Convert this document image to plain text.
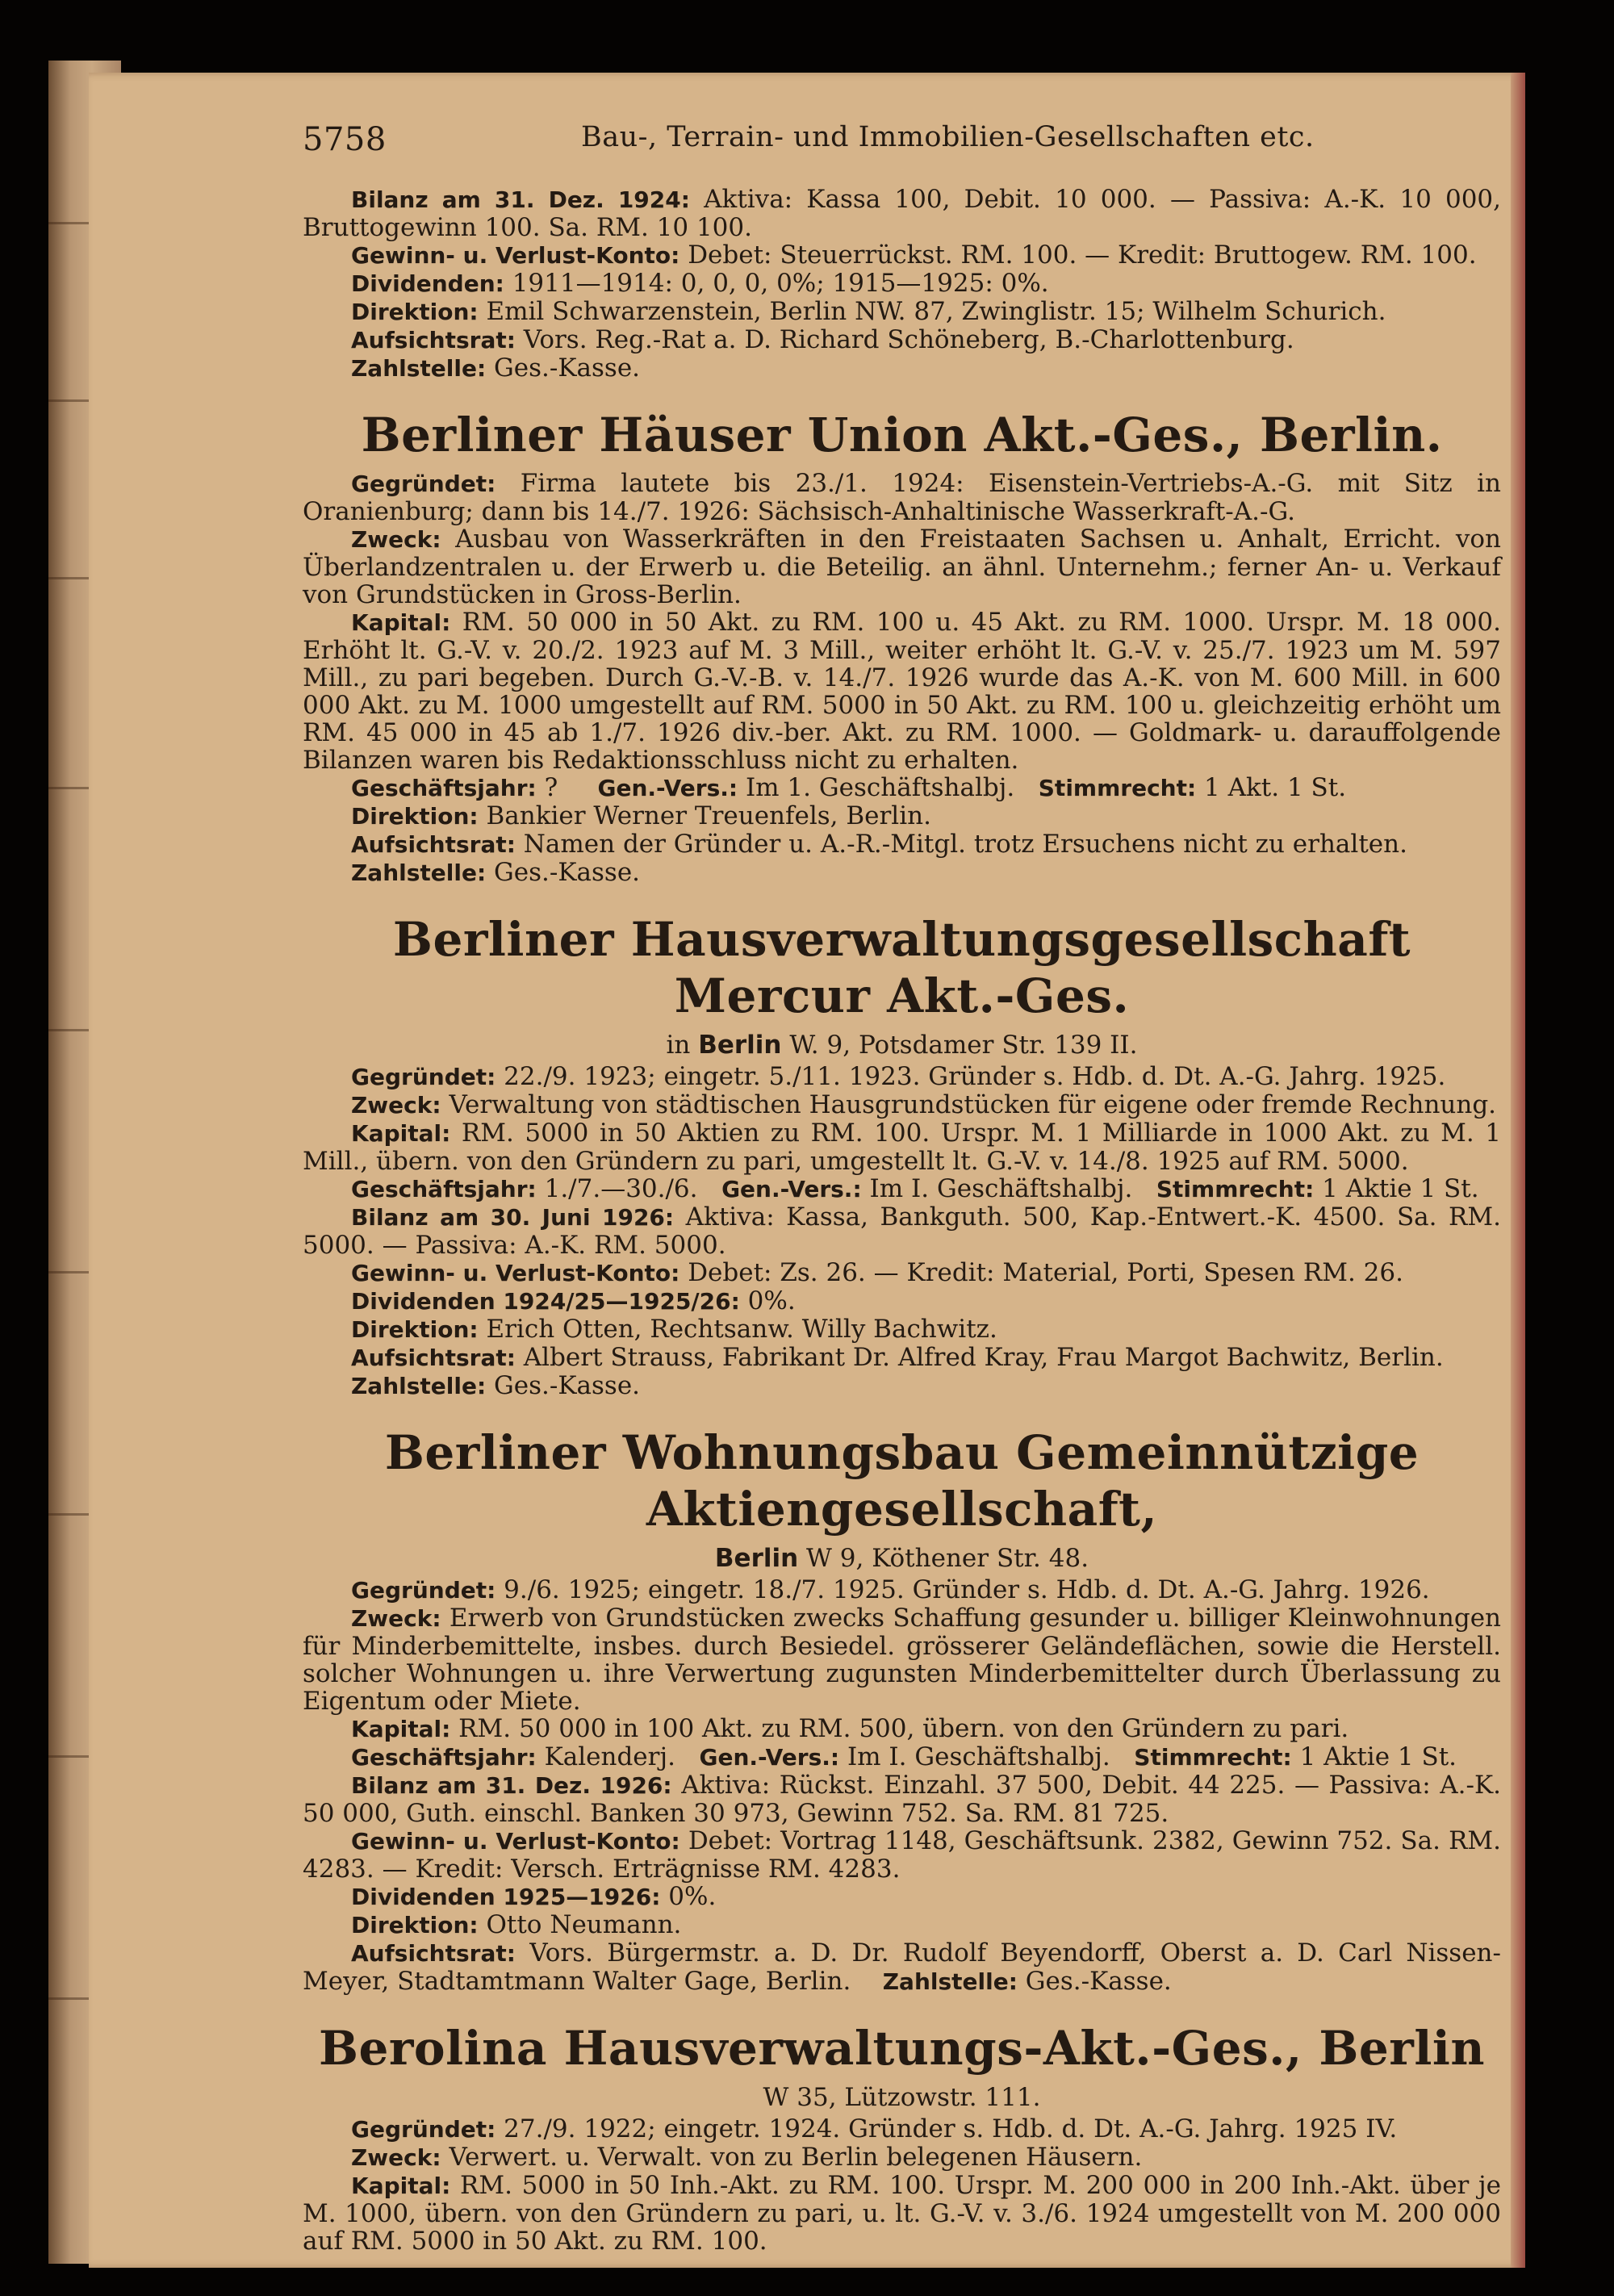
5758	Bau-, Terrain- und Immobilien-Gesellschaften etc.

Bilanz am 31. Dez. 1924: Aktiva: Kassa 100, Debit. 10 000. — Passiva: A.-K. 10 000, Bruttogewinn 100. Sa. RM. 10 100.

Gewinn- u. Verlust-Konto: Debet: Steuerrückst. RM. 100. — Kredit: Bruttogew. RM. 100.

Dividenden: 1911—1914: 0, 0, 0, 0%; 1915—1925: 0%.

Direktion: Emil Schwarzenstein, Berlin NW. 87, Zwinglistr. 15; Wilhelm Schurich.

Aufsichtsrat: Vors. Reg.-Rat a. D. Richard Schöneberg, B.-Charlottenburg.

Zahlstelle: Ges.-Kasse.

Berliner Häuser Union Akt.-Ges., Berlin.

Gegründet: Firma lautete bis 23./1. 1924: Eisenstein-Vertriebs-A.-G. mit Sitz in Oranienburg; dann bis 14./7. 1926: Sächsisch-Anhaltinische Wasserkraft-A.-G.

Zweck: Ausbau von Wasserkräften in den Freistaaten Sachsen u. Anhalt, Erricht. von Überlandzentralen u. der Erwerb u. die Beteilig. an ähnl. Unternehm.; ferner An- u. Verkauf von Grundstücken in Gross-Berlin.

Kapital: RM. 50 000 in 50 Akt. zu RM. 100 u. 45 Akt. zu RM. 1000. Urspr. M. 18 000. Erhöht lt. G.-V. v. 20./2. 1923 auf M. 3 Mill., weiter erhöht lt. G.-V. v. 25./7. 1923 um M. 597 Mill., zu pari begeben. Durch G.-V.-B. v. 14./7. 1926 wurde das A.-K. von M. 600 Mill. in 600 000 Akt. zu M. 1000 umgestellt auf RM. 5000 in 50 Akt. zu RM. 100 u. gleichzeitig erhöht um RM. 45 000 in 45 ab 1./7. 1926 div.-ber. Akt. zu RM. 1000. — Goldmark- u. darauffolgende Bilanzen waren bis Redaktionsschluss nicht zu erhalten.

Geschäftsjahr: ? Gen.-Vers.: Im 1. Geschäftshalbj. Stimmrecht: 1 Akt. 1 St.

Direktion: Bankier Werner Treuenfels, Berlin.

Aufsichtsrat: Namen der Gründer u. A.-R.-Mitgl. trotz Ersuchens nicht zu erhalten.

Zahlstelle: Ges.-Kasse.

Berliner Hausverwaltungsgesellschaft Mercur Akt.-Ges.
in Berlin W. 9, Potsdamer Str. 139 II.

Gegründet: 22./9. 1923; eingetr. 5./11. 1923. Gründer s. Hdb. d. Dt. A.-G. Jahrg. 1925.

Zweck: Verwaltung von städtischen Hausgrundstücken für eigene oder fremde Rechnung.

Kapital: RM. 5000 in 50 Aktien zu RM. 100. Urspr. M. 1 Milliarde in 1000 Akt. zu M. 1 Mill., übern. von den Gründern zu pari, umgestellt lt. G.-V. v. 14./8. 1925 auf RM. 5000.

Geschäftsjahr: 1./7.—30./6. Gen.-Vers.: Im I. Geschäftshalbj. Stimmrecht: 1 Aktie 1 St.

Bilanz am 30. Juni 1926: Aktiva: Kassa, Bankguth. 500, Kap.-Entwert.-K. 4500. Sa. RM. 5000. — Passiva: A.-K. RM. 5000.

Gewinn- u. Verlust-Konto: Debet: Zs. 26. — Kredit: Material, Porti, Spesen RM. 26.

Dividenden 1924/25—1925/26: 0%.

Direktion: Erich Otten, Rechtsanw. Willy Bachwitz.

Aufsichtsrat: Albert Strauss, Fabrikant Dr. Alfred Kray, Frau Margot Bachwitz, Berlin.

Zahlstelle: Ges.-Kasse.

Berliner Wohnungsbau Gemeinnützige Aktiengesellschaft,
Berlin W 9, Köthener Str. 48.

Gegründet: 9./6. 1925; eingetr. 18./7. 1925. Gründer s. Hdb. d. Dt. A.-G. Jahrg. 1926.

Zweck: Erwerb von Grundstücken zwecks Schaffung gesunder u. billiger Kleinwohnungen für Minderbemittelte, insbes. durch Besiedel. grösserer Geländeflächen, sowie die Herstell. solcher Wohnungen u. ihre Verwertung zugunsten Minderbemittelter durch Überlassung zu Eigentum oder Miete.

Kapital: RM. 50 000 in 100 Akt. zu RM. 500, übern. von den Gründern zu pari.

Geschäftsjahr: Kalenderj. Gen.-Vers.: Im I. Geschäftshalbj. Stimmrecht: 1 Aktie 1 St.

Bilanz am 31. Dez. 1926: Aktiva: Rückst. Einzahl. 37 500, Debit. 44 225. — Passiva: A.-K. 50 000, Guth. einschl. Banken 30 973, Gewinn 752. Sa. RM. 81 725.

Gewinn- u. Verlust-Konto: Debet: Vortrag 1148, Geschäftsunk. 2382, Gewinn 752. Sa. RM. 4283. — Kredit: Versch. Erträgnisse RM. 4283.

Dividenden 1925—1926: 0%.

Direktion: Otto Neumann.

Aufsichtsrat: Vors. Bürgermstr. a. D. Dr. Rudolf Beyendorff, Oberst a. D. Carl Nissen-Meyer, Stadtamtmann Walter Gage, Berlin. Zahlstelle: Ges.-Kasse.

Berolina Hausverwaltungs-Akt.-Ges., Berlin
W 35, Lützowstr. 111.

Gegründet: 27./9. 1922; eingetr. 1924. Gründer s. Hdb. d. Dt. A.-G. Jahrg. 1925 IV.

Zweck: Verwert. u. Verwalt. von zu Berlin belegenen Häusern.

Kapital: RM. 5000 in 50 Inh.-Akt. zu RM. 100. Urspr. M. 200 000 in 200 Inh.-Akt. über je M. 1000, übern. von den Gründern zu pari, u. lt. G.-V. v. 3./6. 1924 umgestellt von M. 200 000 auf RM. 5000 in 50 Akt. zu RM. 100.
